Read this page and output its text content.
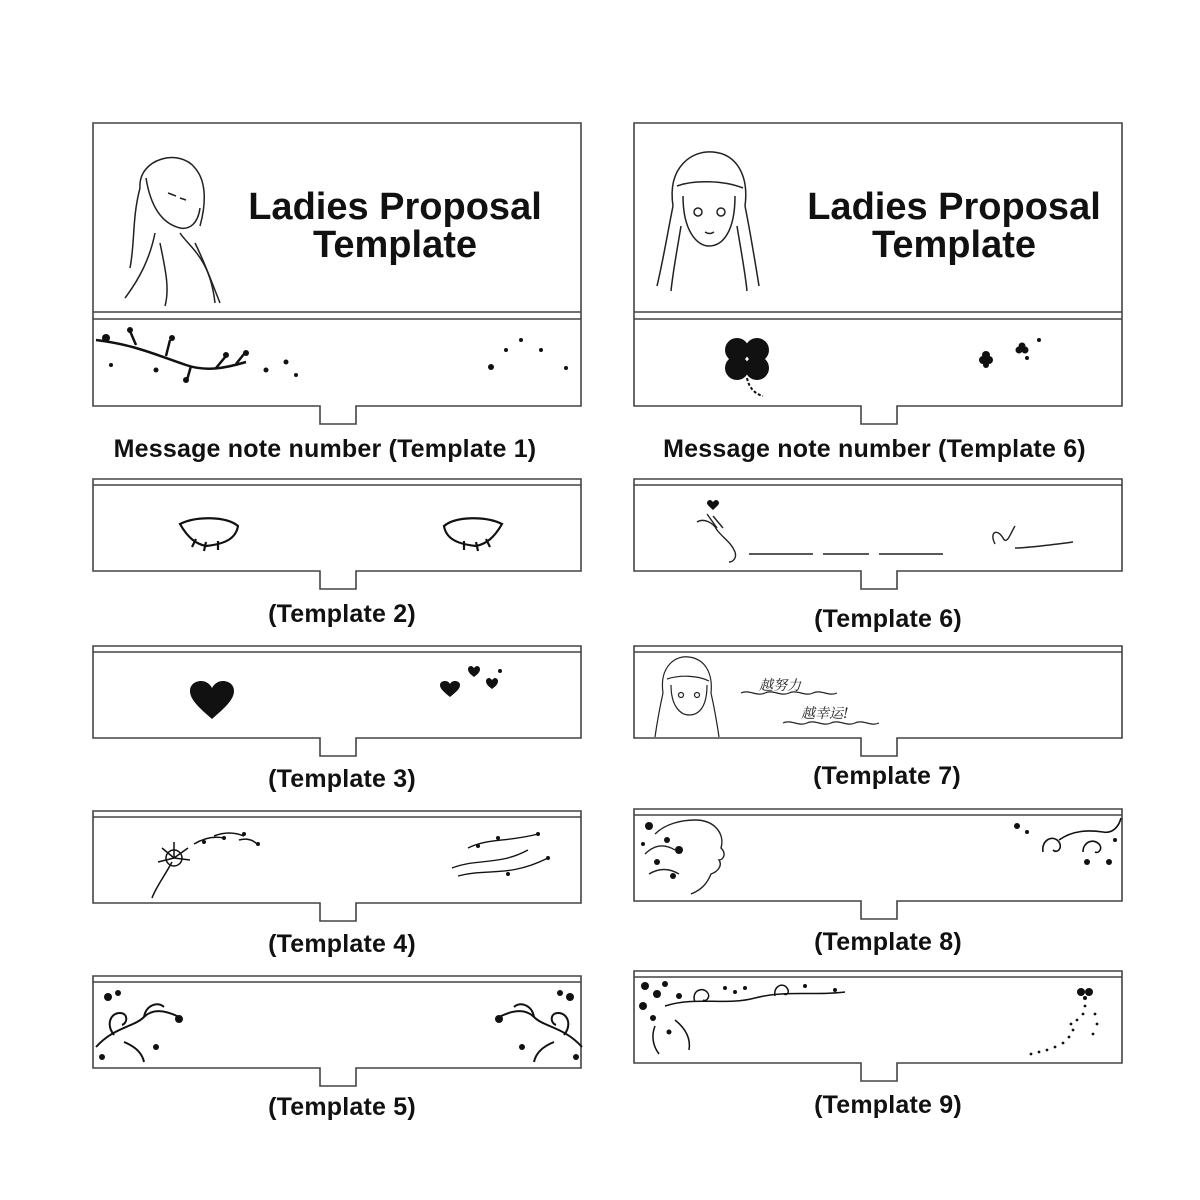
Ladies Proposal
Template
Message note number (Template 1)
(Template 2)
(Template 3)
(Template 4)
(Template 5)
Ladies Proposal
Template
Message note number (Template 6)
(Template 6)
越努力
越幸运!
(Template 7)
(Template 8)
(Template 9)
